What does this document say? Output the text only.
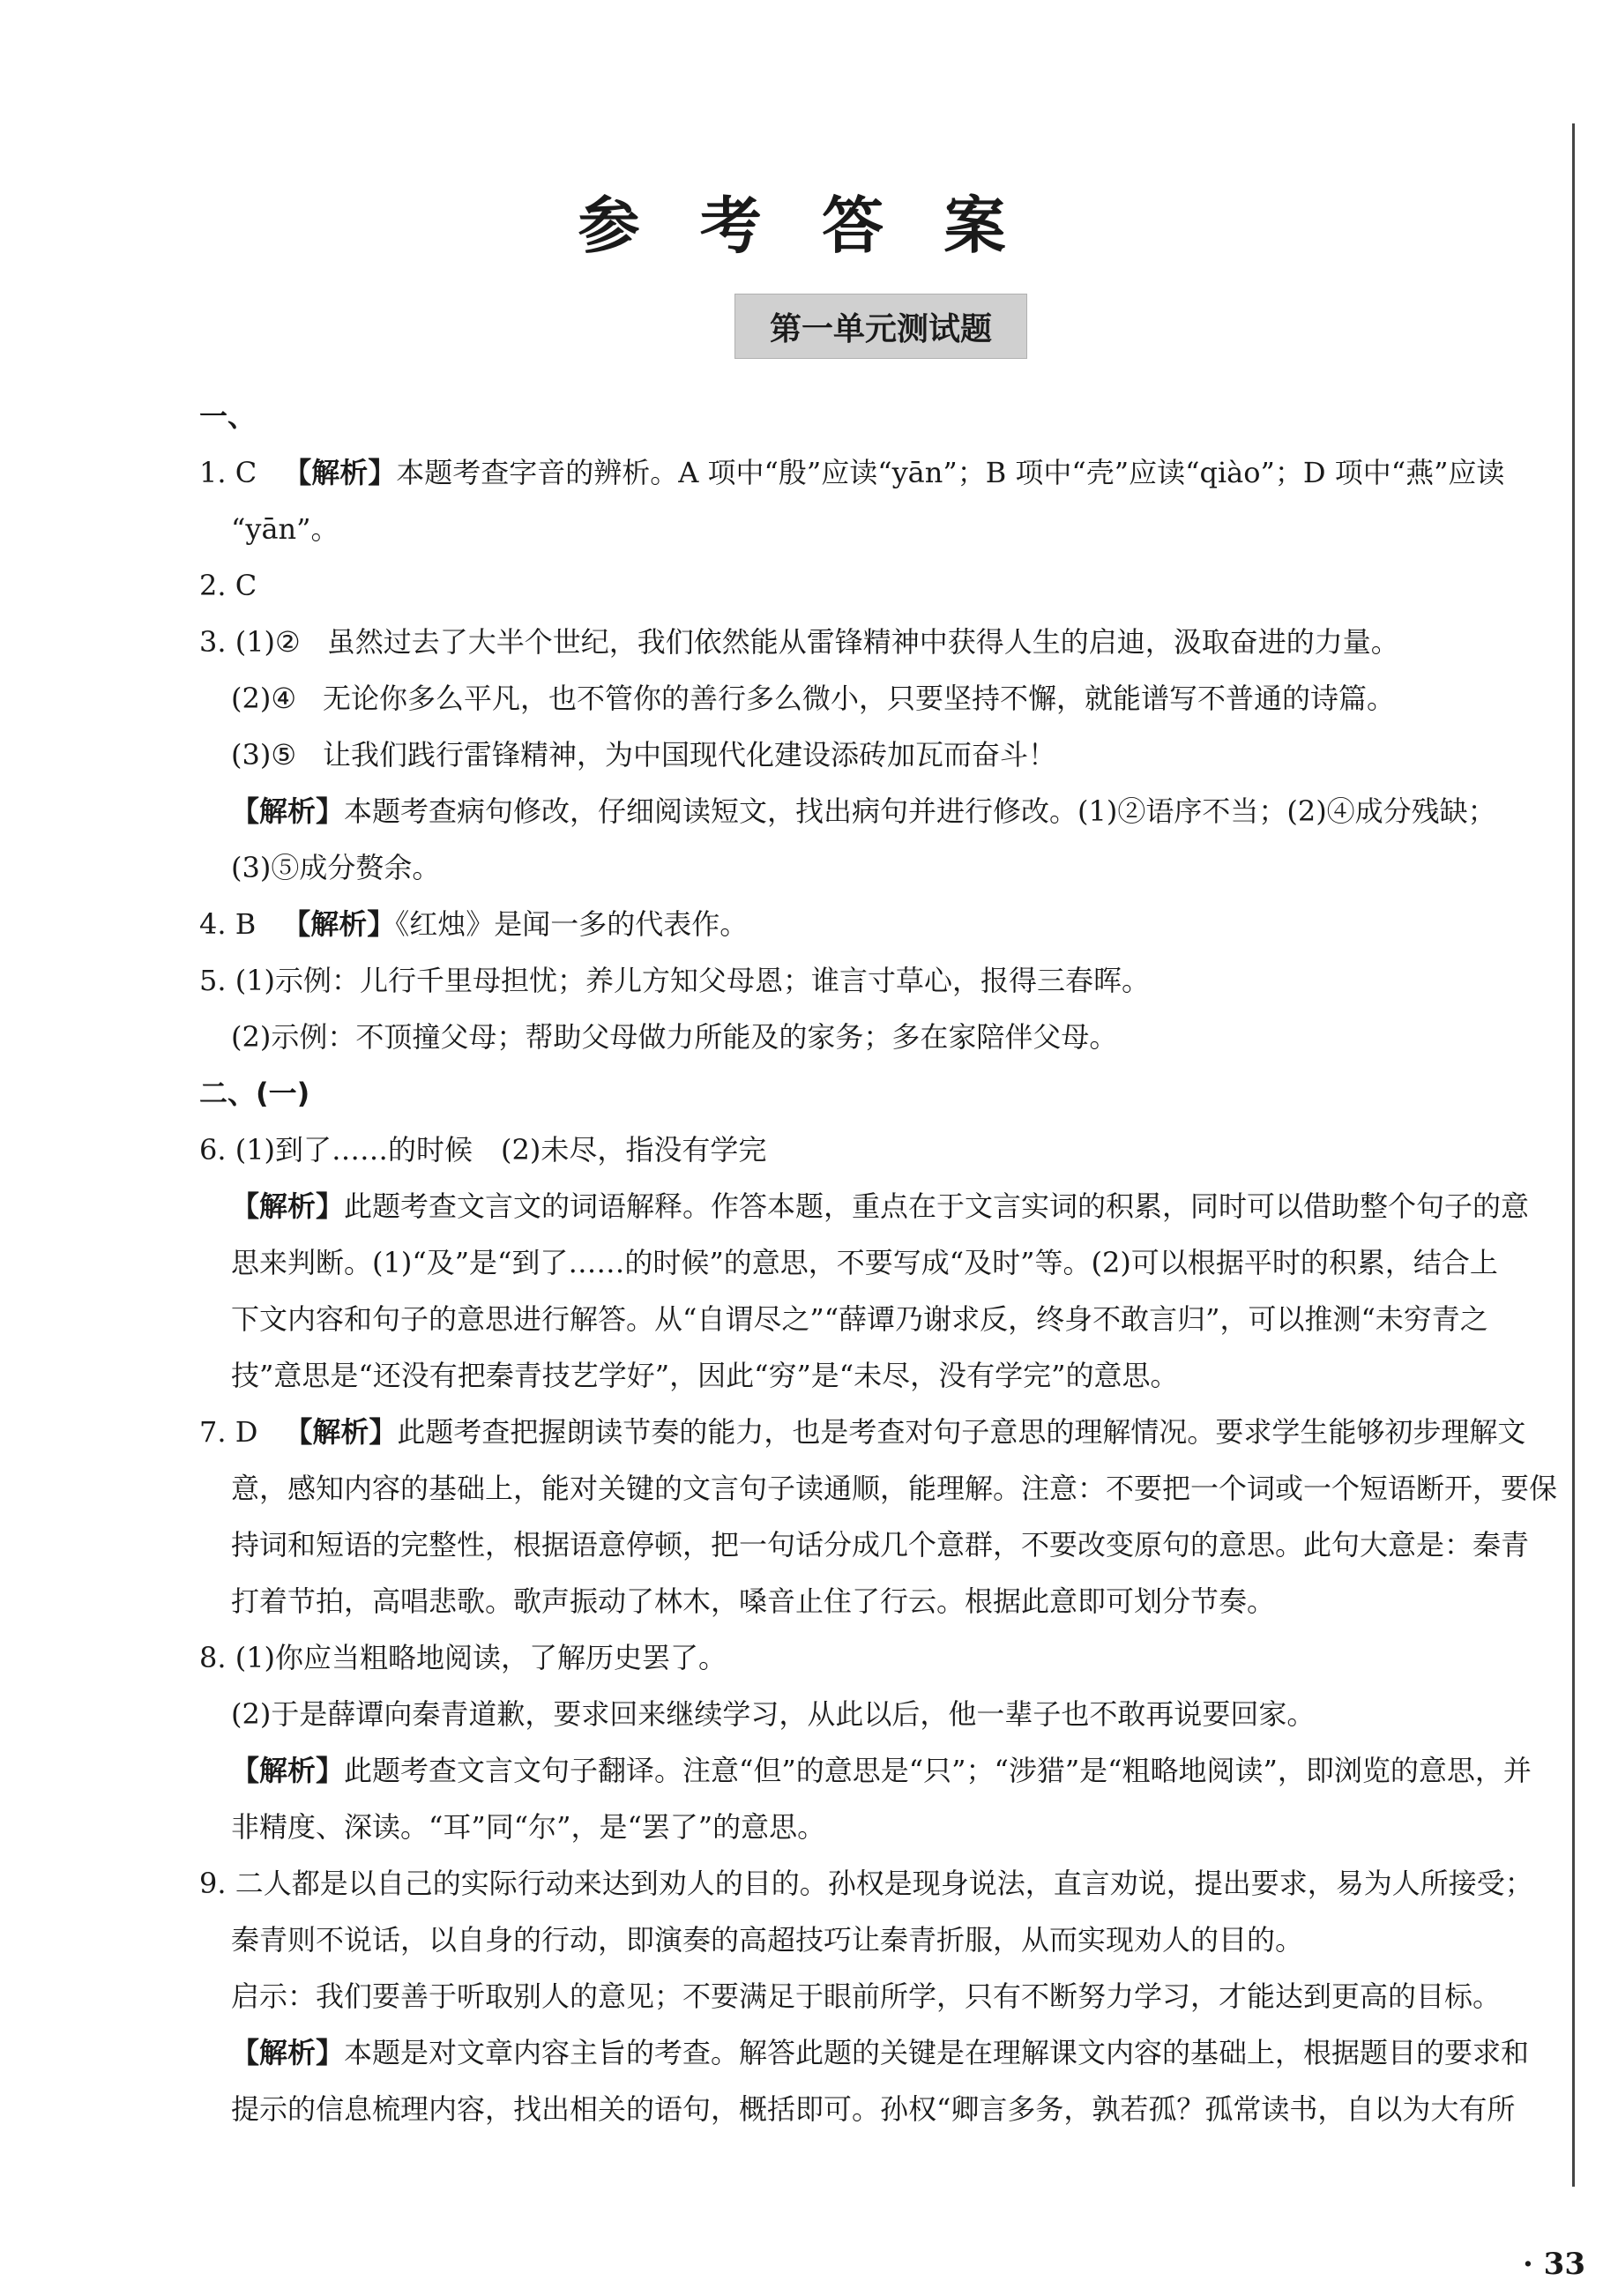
参 考 答 案
第一单元测试题
一、
1. C 【解析】本题考查字音的辨析。A 项中“殷”应读“yān”；B 项中“壳”应读“qiào”；D 项中“燕”应读
“yān”。
2. C
3. (1)② 虽然过去了大半个世纪，我们依然能从雷锋精神中获得人生的启迪，汲取奋进的力量。
(2)④ 无论你多么平凡，也不管你的善行多么微小，只要坚持不懈，就能谱写不普通的诗篇。
(3)⑤ 让我们践行雷锋精神，为中国现代化建设添砖加瓦而奋斗！
【解析】本题考查病句修改，仔细阅读短文，找出病句并进行修改。(1)②语序不当；(2)④成分残缺；
(3)⑤成分赘余。
4. B 【解析】《红烛》是闻一多的代表作。
5. (1)示例：儿行千里母担忧；养儿方知父母恩；谁言寸草心，报得三春晖。
(2)示例：不顶撞父母；帮助父母做力所能及的家务；多在家陪伴父母。
二、(一)
6. (1)到了……的时候　(2)未尽，指没有学完
【解析】此题考查文言文的词语解释。作答本题，重点在于文言实词的积累，同时可以借助整个句子的意
思来判断。(1)“及”是“到了……的时候”的意思，不要写成“及时”等。(2)可以根据平时的积累，结合上
下文内容和句子的意思进行解答。从“自谓尽之”“薛谭乃谢求反，终身不敢言归”，可以推测“未穷青之
技”意思是“还没有把秦青技艺学好”，因此“穷”是“未尽，没有学完”的意思。
7. D 【解析】此题考查把握朗读节奏的能力，也是考查对句子意思的理解情况。要求学生能够初步理解文
意，感知内容的基础上，能对关键的文言句子读通顺，能理解。注意：不要把一个词或一个短语断开，要保
持词和短语的完整性，根据语意停顿，把一句话分成几个意群，不要改变原句的意思。此句大意是：秦青
打着节拍，高唱悲歌。歌声振动了林木，嗓音止住了行云。根据此意即可划分节奏。
8. (1)你应当粗略地阅读，了解历史罢了。
(2)于是薛谭向秦青道歉，要求回来继续学习，从此以后，他一辈子也不敢再说要回家。
【解析】此题考查文言文句子翻译。注意“但”的意思是“只”；“涉猎”是“粗略地阅读”，即浏览的意思，并
非精度、深读。“耳”同“尔”，是“罢了”的意思。
9. 二人都是以自己的实际行动来达到劝人的目的。孙权是现身说法，直言劝说，提出要求，易为人所接受；
秦青则不说话，以自身的行动，即演奏的高超技巧让秦青折服，从而实现劝人的目的。
启示：我们要善于听取别人的意见；不要满足于眼前所学，只有不断努力学习，才能达到更高的目标。
【解析】本题是对文章内容主旨的考查。解答此题的关键是在理解课文内容的基础上，根据题目的要求和
提示的信息梳理内容，找出相关的语句，概括即可。孙权“卿言多务，孰若孤？孤常读书，自以为大有所
· 33
